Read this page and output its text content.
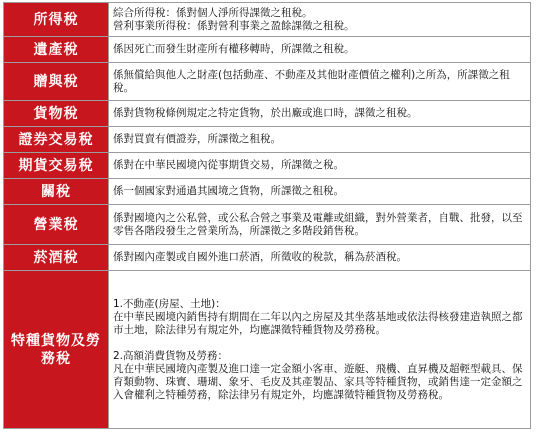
所得稅	綜合所得稅：係對個人淨所得課徵之租稅。

營利事業所得稅：係對營利事業之盈餘課徵之租稅。

遺產稅	係因死亡而發生財產所有權移轉時，所課徵之租稅。

贈與稅	係無償給與他人之財產(包括動產、不動產及其他財產價值之權利)之所為，所課徵之租稅。

貨物稅	係對貨物稅條例規定之特定貨物，於出廠或進口時，課徵之租稅。

證券交易稅	係對買賣有價證券，所課徵之租稅。

期貨交易稅	係對在中華民國境內從事期貨交易，所課徵之稅。

關稅	係一個國家對通過其國境之貨物，所課徵之租稅。

營業稅	係對國境內之公私營，或公私合營之事業及電離或組織，對外營業者，自戰、批發，以至零售各階段發生之營業所為，所課徵之多階段銷售稅。

菸酒稅	係對國內產製或自國外進口菸酒，所徵收的稅款，稱為菸酒稅。

特種貨物及勞務稅	1.不動產(房屋、土地)：

在中華民國境內銷售持有期間在二年以內之房屋及其坐落基地或依法得核發建造執照之都市土地，除法律另有規定外，均應課徵特種貨物及勞務稅。

2.高額消費貨物及勞務：

凡在中華民國境內產製及進口達一定金額小客車、遊艇、飛機、直昇機及超輕型載具、保育類動物、珠寶、珊瑚、象牙、毛皮及其產製品、家具等特種貨物，或銷售達一定金額之入會權利之特種勞務，除法律另有規定外，均應課徵特種貨物及勞務稅。
